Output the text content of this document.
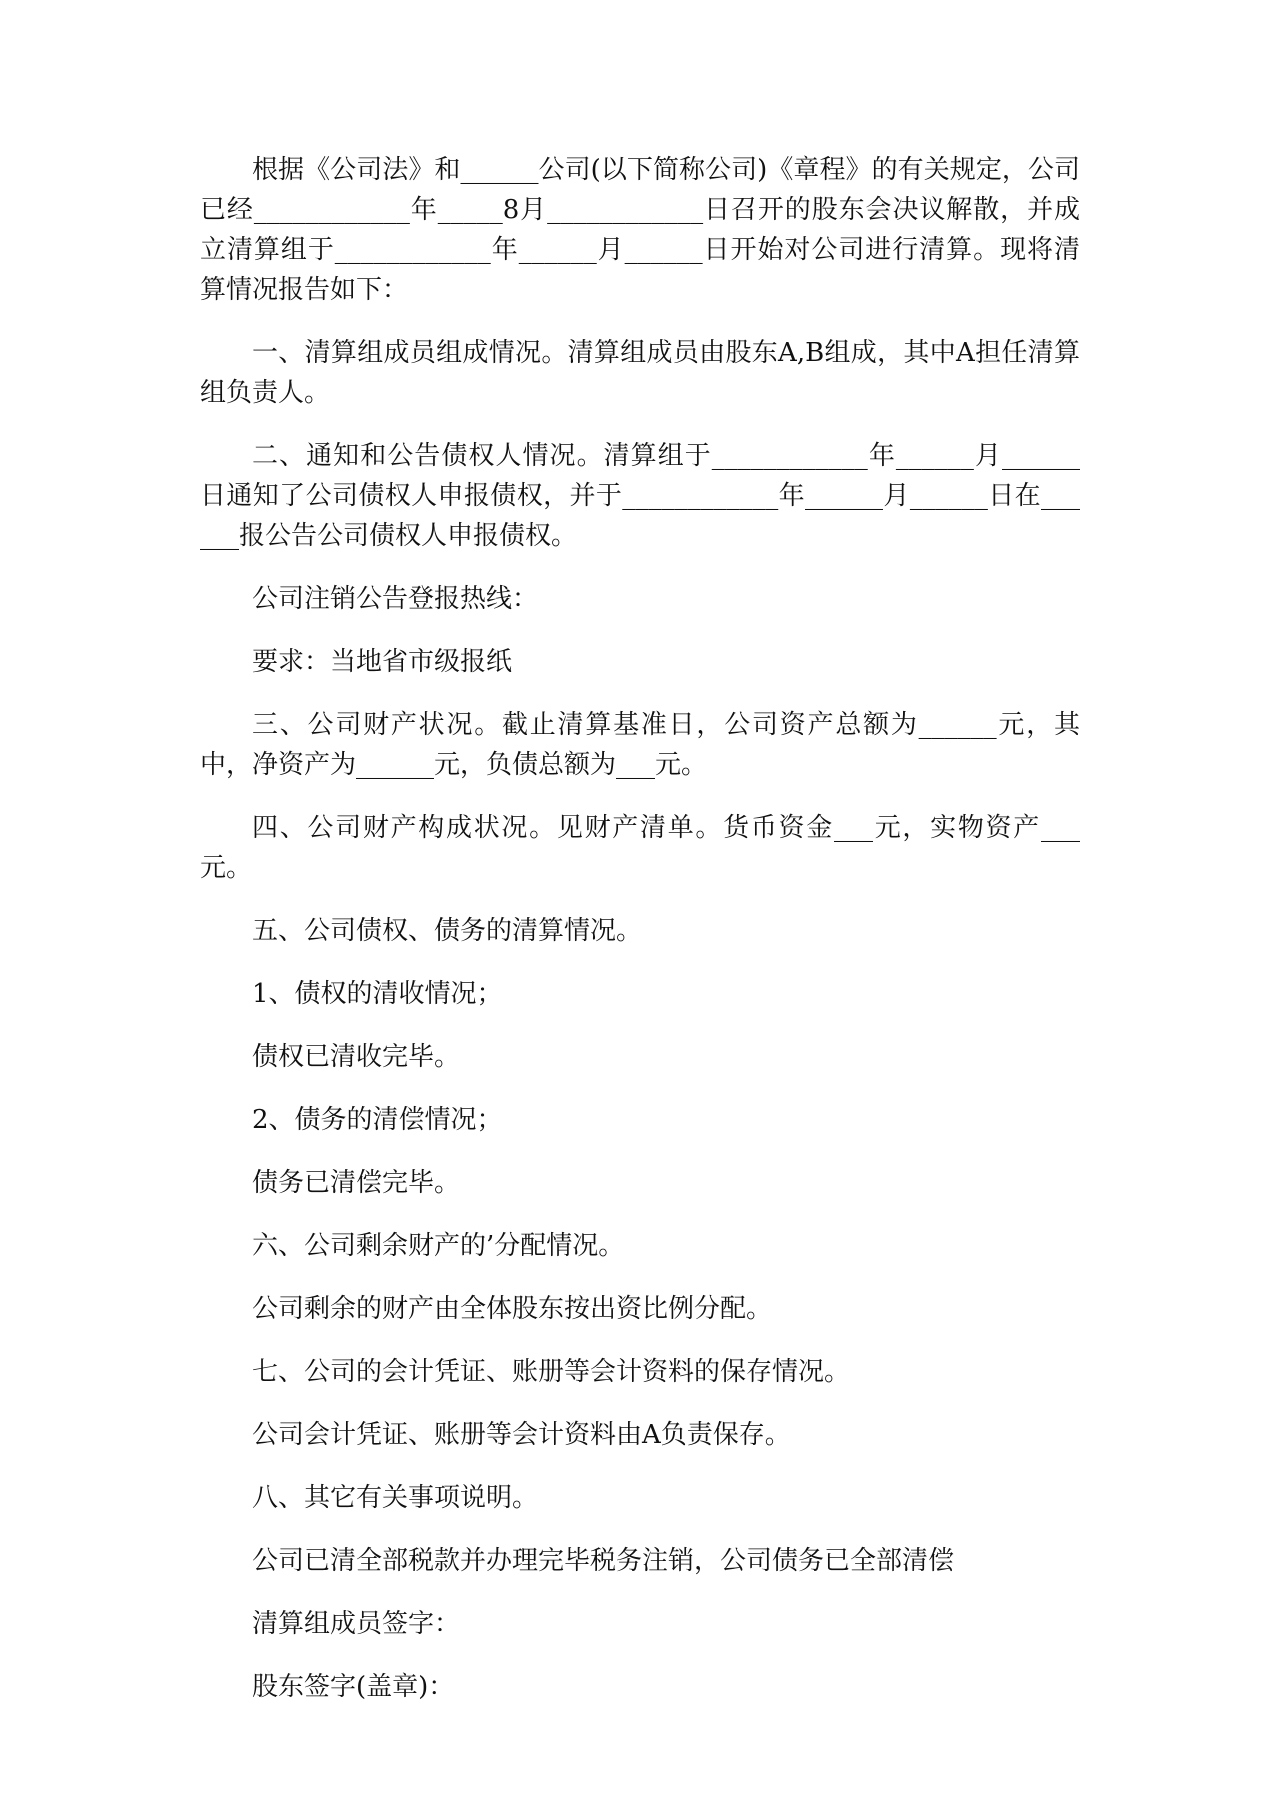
根据《公司法》和______公司(以下简称公司)《章程》的有关规定，公司已经____________年_____8月____________日召开的股东会决议解散，并成立清算组于____________年______月______日开始对公司进行清算。现将清算情况报告如下：

一、清算组成员组成情况。清算组成员由股东A,B组成，其中A担任清算组负责人。

二、通知和公告债权人情况。清算组于____________年______月______日通知了公司债权人申报债权，并于____________年______月______日在______报公告公司债权人申报债权。

公司注销公告登报热线：

要求：当地省市级报纸

三、公司财产状况。截止清算基准日，公司资产总额为______元，其中，净资产为______元，负债总额为___元。

四、公司财产构成状况。见财产清单。货币资金___元，实物资产___元。

五、公司债权、债务的清算情况。

1、债权的清收情况；

债权已清收完毕。

2、债务的清偿情况；

债务已清偿完毕。

六、公司剩余财产的’分配情况。

公司剩余的财产由全体股东按出资比例分配。

七、公司的会计凭证、账册等会计资料的保存情况。

公司会计凭证、账册等会计资料由A负责保存。

八、其它有关事项说明。

公司已清全部税款并办理完毕税务注销，公司债务已全部清偿

清算组成员签字：

股东签字(盖章)：
